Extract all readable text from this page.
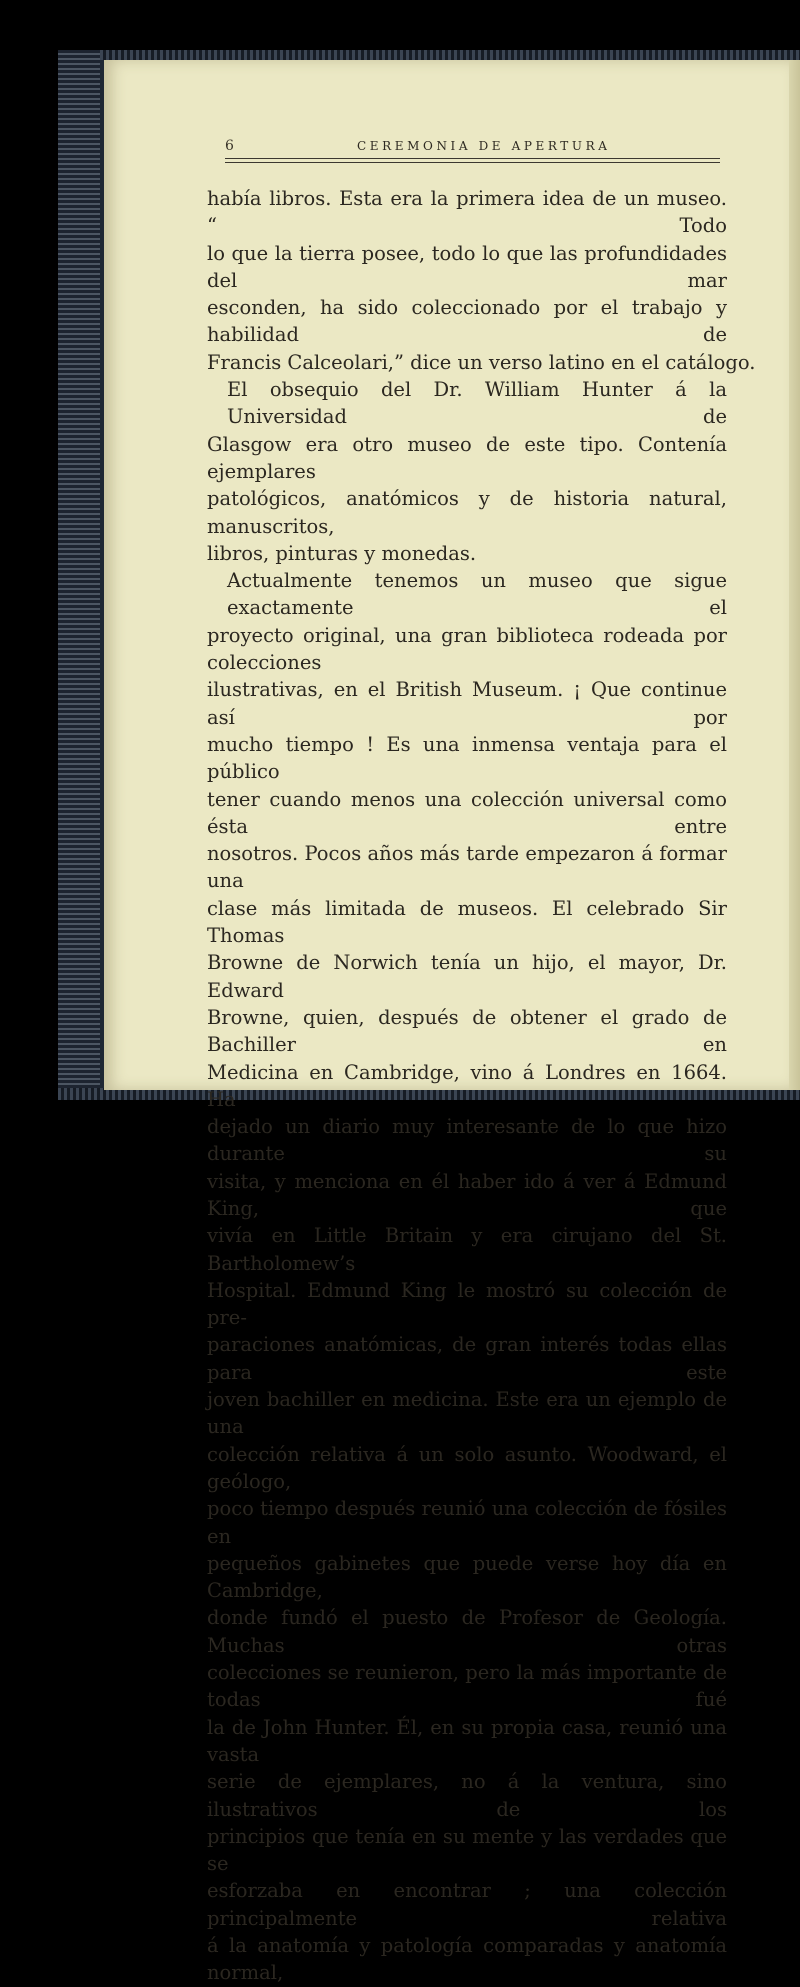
6	CEREMONIA DE APERTURA
había libros. Esta era la primera idea de un museo. “ Todo
lo que la tierra posee, todo lo que las profundidades del mar
esconden, ha sido coleccionado por el trabajo y habilidad de
Francis Calceolari,” dice un verso latino en el catálogo.
El obsequio del Dr. William Hunter á la Universidad de
Glasgow era otro museo de este tipo. Contenía ejemplares
patológicos, anatómicos y de historia natural, manuscritos,
libros, pinturas y monedas.
Actualmente tenemos un museo que sigue exactamente el
proyecto original, una gran biblioteca rodeada por colecciones
ilustrativas, en el British Museum. ¡ Que continue así por
mucho tiempo ! Es una inmensa ventaja para el público
tener cuando menos una colección universal como ésta entre
nosotros. Pocos años más tarde empezaron á formar una
clase más limitada de museos. El celebrado Sir Thomas
Browne de Norwich tenía un hijo, el mayor, Dr. Edward
Browne, quien, después de obtener el grado de Bachiller en
Medicina en Cambridge, vino á Londres en 1664. Ha
dejado un diario muy interesante de lo que hizo durante su
visita, y menciona en él haber ido á ver á Edmund King, que
vivía en Little Britain y era cirujano del St. Bartholomew’s
Hospital. Edmund King le mostró su colección de pre-
paraciones anatómicas, de gran interés todas ellas para este
joven bachiller en medicina. Este era un ejemplo de una
colección relativa á un solo asunto. Woodward, el geólogo,
poco tiempo después reunió una colección de fósiles en
pequeños gabinetes que puede verse hoy día en Cambridge,
donde fundó el puesto de Profesor de Geología. Muchas otras
colecciones se reunieron, pero la más importante de todas fué
la de John Hunter. Él, en su propia casa, reunió una vasta
serie de ejemplares, no á la ventura, sino ilustrativos de los
principios que tenía en su mente y las verdades que se
esforzaba en encontrar ; una colección principalmente relativa
á la anatomía y patología comparadas y anatomía normal,
